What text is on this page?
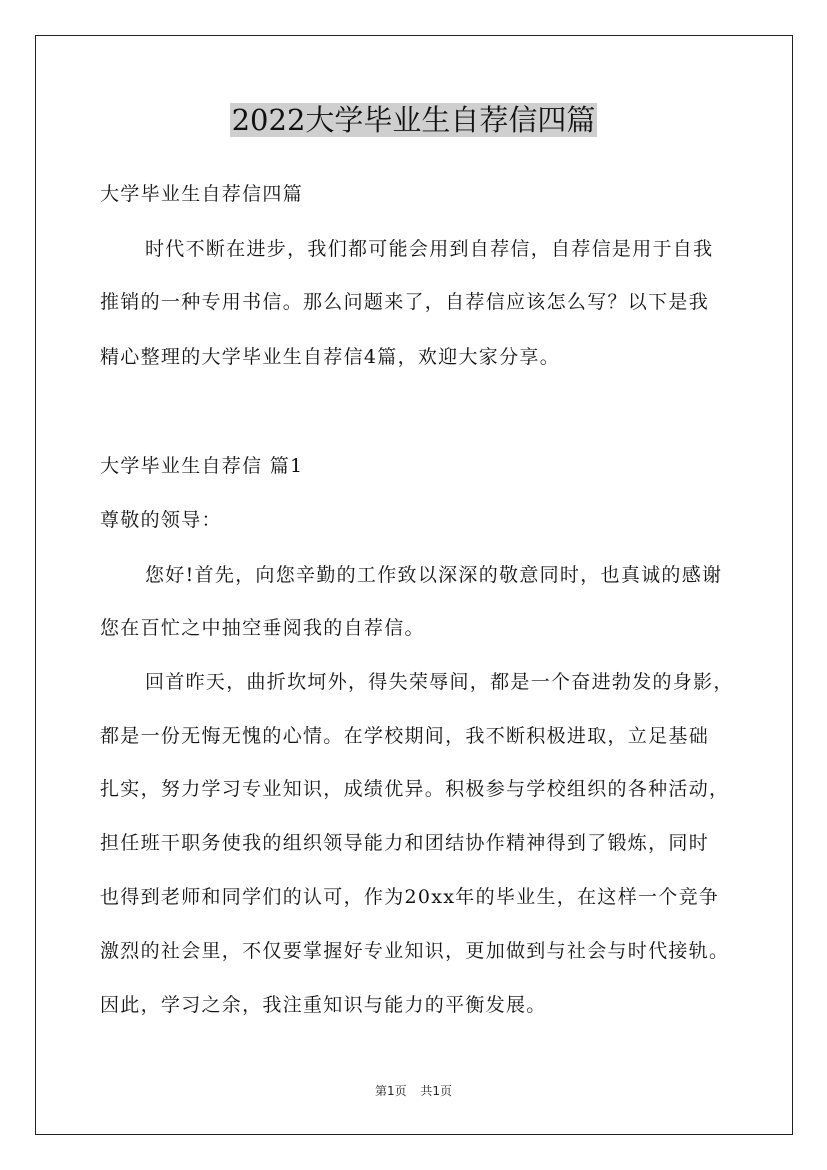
2022大学毕业生自荐信四篇
大学毕业生自荐信四篇
时代不断在进步，我们都可能会用到自荐信，自荐信是用于自我
推销的一种专用书信。那么问题来了，自荐信应该怎么写？以下是我
精心整理的大学毕业生自荐信4篇，欢迎大家分享。
大学毕业生自荐信 篇1
尊敬的领导：
您好!首先，向您辛勤的工作致以深深的敬意同时，也真诚的感谢
您在百忙之中抽空垂阅我的自荐信。
回首昨天，曲折坎坷外，得失荣辱间，都是一个奋进勃发的身影，
都是一份无悔无愧的心情。在学校期间，我不断积极进取，立足基础
扎实，努力学习专业知识，成绩优异。积极参与学校组织的各种活动，
担任班干职务使我的组织领导能力和团结协作精神得到了锻炼，同时
也得到老师和同学们的认可，作为20xx年的毕业生，在这样一个竞争
激烈的社会里，不仅要掌握好专业知识，更加做到与社会与时代接轨。
因此，学习之余，我注重知识与能力的平衡发展。
第1页 共1页
